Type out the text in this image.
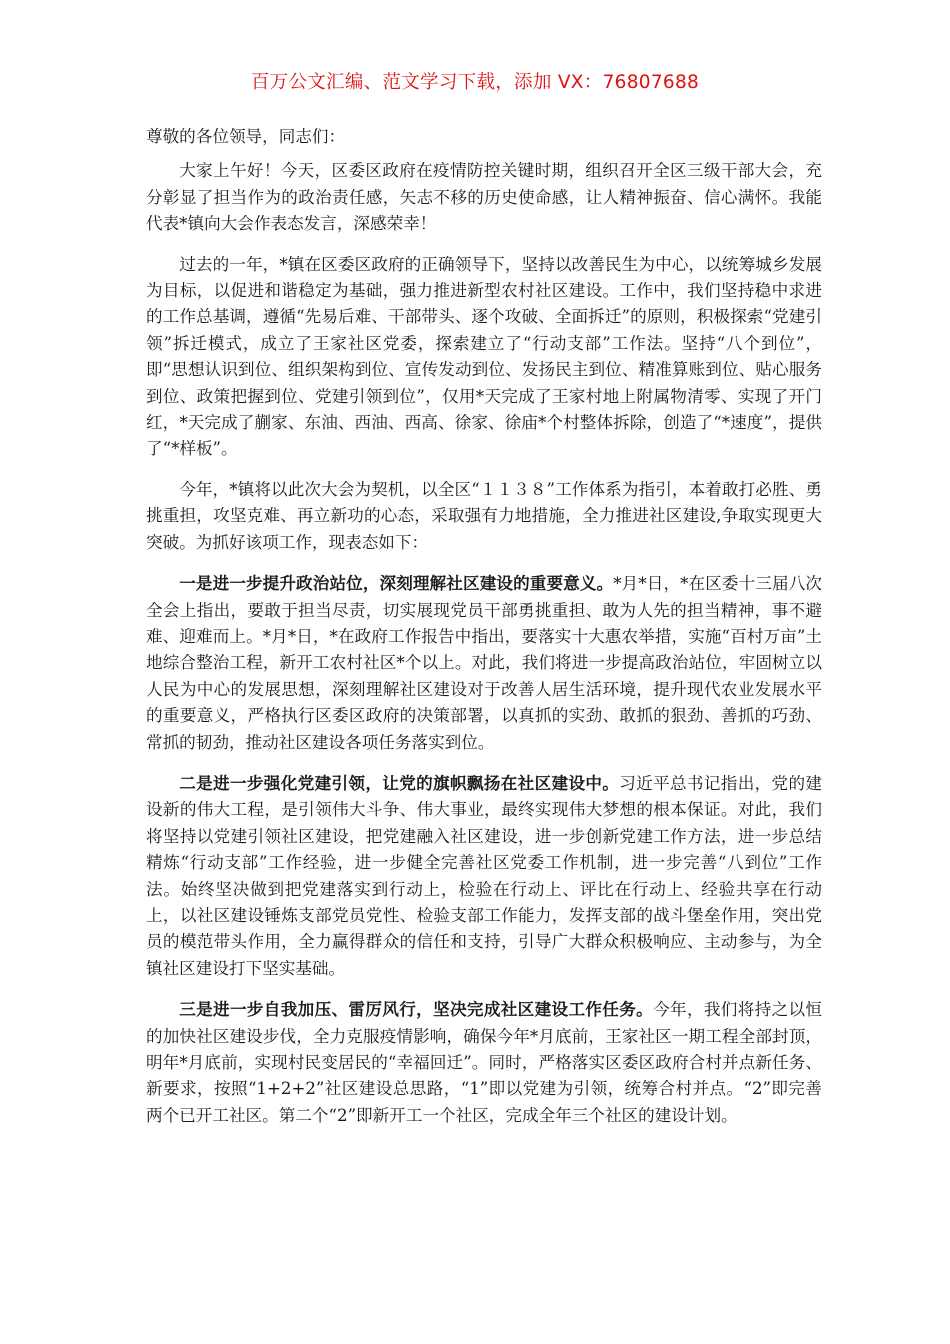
百万公文汇编、范文学习下载，添加 VX：76807688

尊敬的各位领导，同志们：

大家上午好！今天，区委区政府在疫情防控关键时期，组织召开全区三级干部大会，充分彰显了担当作为的政治责任感，矢志不移的历史使命感，让人精神振奋、信心满怀。我能代表*镇向大会作表态发言，深感荣幸！

过去的一年，*镇在区委区政府的正确领导下，坚持以改善民生为中心，以统筹城乡发展为目标，以促进和谐稳定为基础，强力推进新型农村社区建设。工作中，我们坚持稳中求进的工作总基调，遵循“先易后难、干部带头、逐个攻破、全面拆迁”的原则，积极探索“党建引领”拆迁模式，成立了王家社区党委，探索建立了“行动支部”工作法。坚持“八个到位”，即“思想认识到位、组织架构到位、宣传发动到位、发扬民主到位、精准算账到位、贴心服务到位、政策把握到位、党建引领到位”，仅用*天完成了王家村地上附属物清零、实现了开门红，*天完成了蒯家、东油、西油、西高、徐家、徐庙*个村整体拆除，创造了“*速度”，提供了“*样板”。

今年，*镇将以此次大会为契机，以全区“１１３８”工作体系为指引，本着敢打必胜、勇挑重担，攻坚克难、再立新功的心态，采取强有力地措施，全力推进社区建设,争取实现更大突破。为抓好该项工作，现表态如下：

一是进一步提升政治站位，深刻理解社区建设的重要意义。*月*日，*在区委十三届八次全会上指出，要敢于担当尽责，切实展现党员干部勇挑重担、敢为人先的担当精神，事不避难、迎难而上。*月*日，*在政府工作报告中指出，要落实十大惠农举措，实施“百村万亩”土地综合整治工程，新开工农村社区*个以上。对此，我们将进一步提高政治站位，牢固树立以人民为中心的发展思想，深刻理解社区建设对于改善人居生活环境，提升现代农业发展水平的重要意义，严格执行区委区政府的决策部署，以真抓的实劲、敢抓的狠劲、善抓的巧劲、常抓的韧劲，推动社区建设各项任务落实到位。

二是进一步强化党建引领，让党的旗帜飘扬在社区建设中。习近平总书记指出，党的建设新的伟大工程，是引领伟大斗争、伟大事业，最终实现伟大梦想的根本保证。对此，我们将坚持以党建引领社区建设，把党建融入社区建设，进一步创新党建工作方法，进一步总结精炼“行动支部”工作经验，进一步健全完善社区党委工作机制，进一步完善“八到位”工作法。始终坚决做到把党建落实到行动上，检验在行动上、评比在行动上、经验共享在行动上，以社区建设锤炼支部党员党性、检验支部工作能力，发挥支部的战斗堡垒作用，突出党员的模范带头作用，全力赢得群众的信任和支持，引导广大群众积极响应、主动参与，为全镇社区建设打下坚实基础。

三是进一步自我加压、雷厉风行，坚决完成社区建设工作任务。今年，我们将持之以恒的加快社区建设步伐，全力克服疫情影响，确保今年*月底前，王家社区一期工程全部封顶，明年*月底前，实现村民变居民的“幸福回迁”。同时，严格落实区委区政府合村并点新任务、新要求，按照“1+2+2”社区建设总思路，“1”即以党建为引领，统筹合村并点。“2”即完善两个已开工社区。第二个“2”即新开工一个社区，完成全年三个社区的建设计划。
